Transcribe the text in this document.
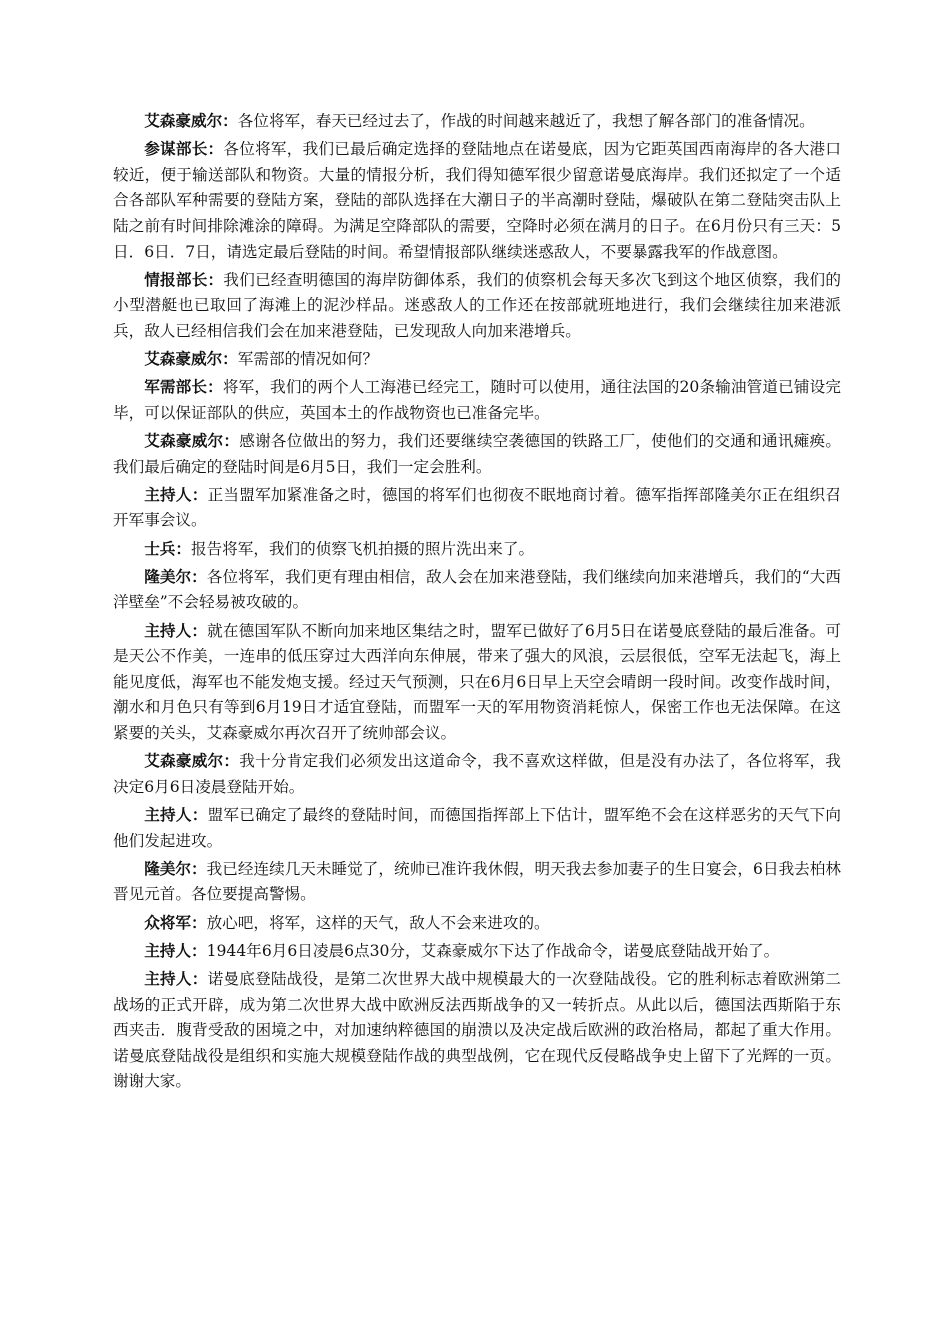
艾森豪威尔：各位将军，春天已经过去了，作战的时间越来越近了，我想了解各部门的准备情况。

参谋部长：各位将军，我们已最后确定选择的登陆地点在诺曼底，因为它距英国西南海岸的各大港口较近，便于输送部队和物资。大量的情报分析，我们得知德军很少留意诺曼底海岸。我们还拟定了一个适合各部队军种需要的登陆方案，登陆的部队选择在大潮日子的半高潮时登陆，爆破队在第二登陆突击队上陆之前有时间排除滩涂的障碍。为满足空降部队的需要，空降时必须在满月的日子。在6月份只有三天：5日．6日．7日，请选定最后登陆的时间。希望情报部队继续迷惑敌人，不要暴露我军的作战意图。

情报部长：我们已经查明德国的海岸防御体系，我们的侦察机会每天多次飞到这个地区侦察，我们的小型潜艇也已取回了海滩上的泥沙样品。迷惑敌人的工作还在按部就班地进行，我们会继续往加来港派兵，敌人已经相信我们会在加来港登陆，已发现敌人向加来港增兵。

艾森豪威尔：军需部的情况如何？

军需部长：将军，我们的两个人工海港已经完工，随时可以使用，通往法国的20条输油管道已铺设完毕，可以保证部队的供应，英国本土的作战物资也已准备完毕。

艾森豪威尔：感谢各位做出的努力，我们还要继续空袭德国的铁路工厂，使他们的交通和通讯瘫痪。我们最后确定的登陆时间是6月5日，我们一定会胜利。

主持人：正当盟军加紧准备之时，德国的将军们也彻夜不眠地商讨着。德军指挥部隆美尔正在组织召开军事会议。

士兵：报告将军，我们的侦察飞机拍摄的照片洗出来了。

隆美尔：各位将军，我们更有理由相信，敌人会在加来港登陆，我们继续向加来港增兵，我们的“大西洋壁垒”不会轻易被攻破的。

主持人：就在德国军队不断向加来地区集结之时，盟军已做好了6月5日在诺曼底登陆的最后准备。可是天公不作美，一连串的低压穿过大西洋向东伸展，带来了强大的风浪，云层很低，空军无法起飞，海上能见度低，海军也不能发炮支援。经过天气预测，只在6月6日早上天空会晴朗一段时间。改变作战时间，潮水和月色只有等到6月19日才适宜登陆，而盟军一天的军用物资消耗惊人，保密工作也无法保障。在这紧要的关头，艾森豪威尔再次召开了统帅部会议。

艾森豪威尔：我十分肯定我们必须发出这道命令，我不喜欢这样做，但是没有办法了，各位将军，我决定6月6日凌晨登陆开始。

主持人：盟军已确定了最终的登陆时间，而德国指挥部上下估计，盟军绝不会在这样恶劣的天气下向他们发起进攻。

隆美尔：我已经连续几天未睡觉了，统帅已准许我休假，明天我去参加妻子的生日宴会，6日我去柏林晋见元首。各位要提高警惕。

众将军：放心吧，将军，这样的天气，敌人不会来进攻的。

主持人：1944年6月6日凌晨6点30分，艾森豪威尔下达了作战命令，诺曼底登陆战开始了。

主持人：诺曼底登陆战役，是第二次世界大战中规模最大的一次登陆战役。它的胜利标志着欧洲第二战场的正式开辟，成为第二次世界大战中欧洲反法西斯战争的又一转折点。从此以后，德国法西斯陷于东西夹击．腹背受敌的困境之中，对加速纳粹德国的崩溃以及决定战后欧洲的政治格局，都起了重大作用。诺曼底登陆战役是组织和实施大规模登陆作战的典型战例，它在现代反侵略战争史上留下了光辉的一页。谢谢大家。
